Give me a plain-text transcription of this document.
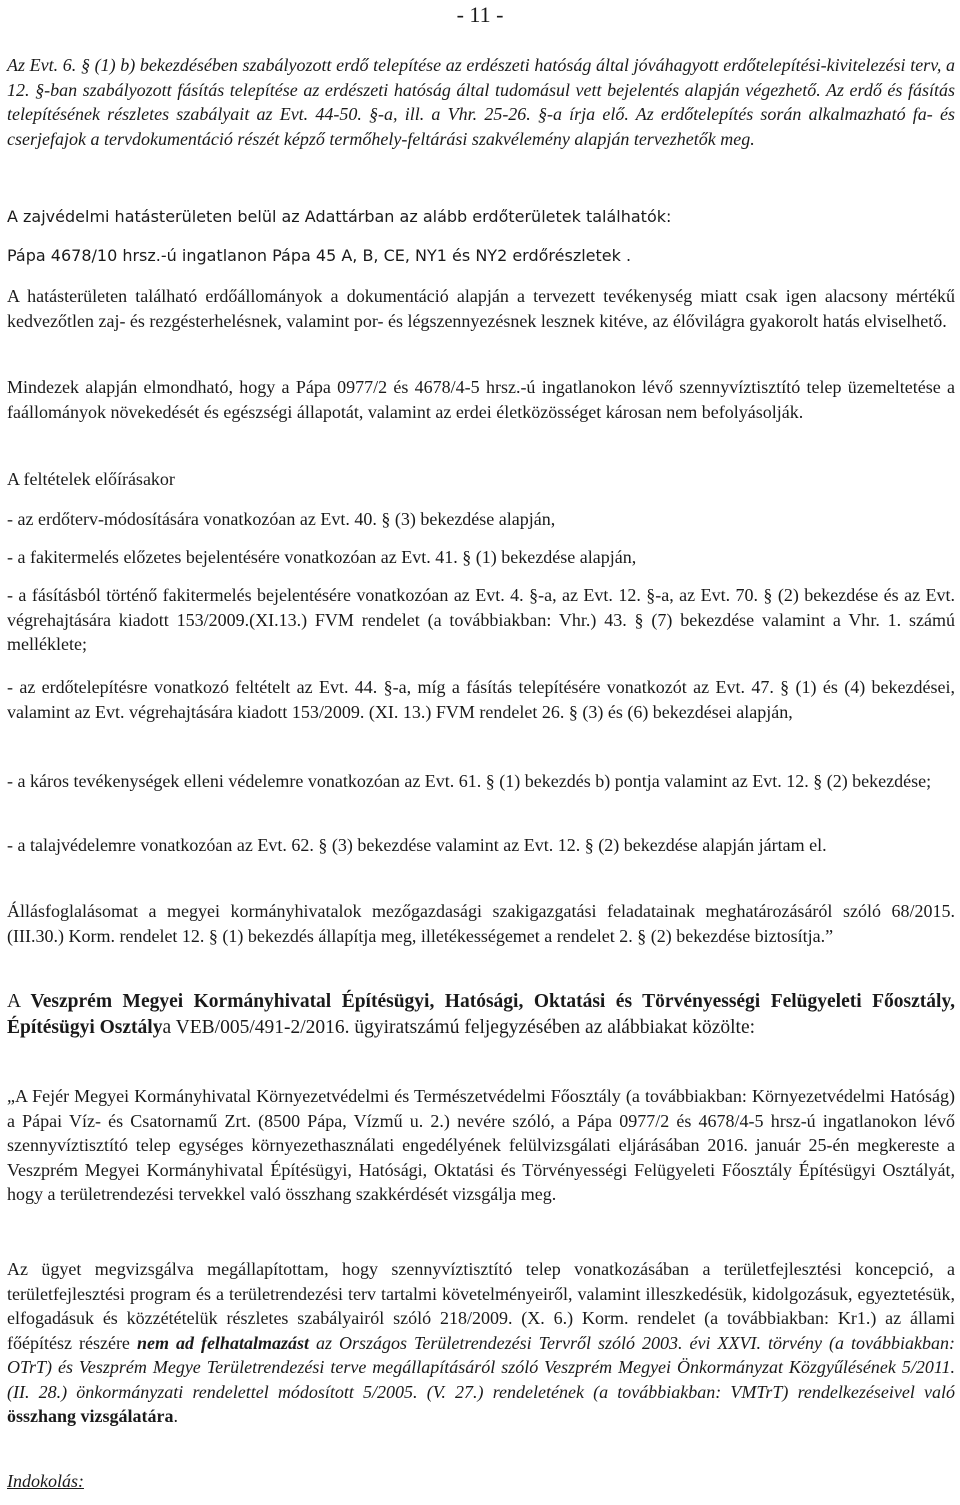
- 11 -

Az Evt. 6. § (1) b) bekezdésében szabályozott erdő telepítése az erdészeti hatóság által jóváhagyott erdőtelepítési-kivitelezési terv, a 12. §-ban szabályozott fásítás telepítése az erdészeti hatóság által tudomásul vett bejelentés alapján végezhető. Az erdő és fásítás telepítésének részletes szabályait az Evt. 44-50. §-a, ill. a Vhr. 25-26. §-a írja elő. Az erdőtelepítés során alkalmazható fa- és cserjefajok a tervdokumentáció részét képző termőhely-feltárási szakvélemény alapján tervezhetők meg.

A zajvédelmi hatásterületen belül az Adattárban az alább erdőterületek találhatók:

Pápa 4678/10 hrsz.-ú ingatlanon Pápa 45 A, B, CE, NY1 és NY2 erdőrészletek .

A hatásterületen található erdőállományok a dokumentáció alapján a tervezett tevékenység miatt csak igen alacsony mértékű kedvezőtlen zaj- és rezgésterhelésnek, valamint por- és légszennyezésnek lesznek kitéve, az élővilágra gyakorolt hatás elviselhető.

Mindezek alapján elmondható, hogy a Pápa 0977/2 és 4678/4-5 hrsz.-ú ingatlanokon lévő szennyvíztisztító telep üzemeltetése a faállományok növekedését és egészségi állapotát, valamint az erdei életközösséget károsan nem befolyásolják.

A feltételek előírásakor

- az erdőterv-módosítására vonatkozóan az Evt. 40. § (3) bekezdése alapján,

- a fakitermelés előzetes bejelentésére vonatkozóan az Evt. 41. § (1) bekezdése alapján,

- a fásításból történő fakitermelés bejelentésére vonatkozóan az Evt. 4. §-a, az Evt. 12. §-a, az Evt. 70. § (2) bekezdése és az Evt. végrehajtására kiadott 153/2009.(XI.13.) FVM rendelet (a továbbiakban: Vhr.) 43. § (7) bekezdése valamint a Vhr. 1. számú melléklete;

- az erdőtelepítésre vonatkozó feltételt az Evt. 44. §-a, míg a fásítás telepítésére vonatkozót az Evt. 47. § (1) és (4) bekezdései, valamint az Evt. végrehajtására kiadott 153/2009. (XI. 13.) FVM rendelet 26. § (3) és (6) bekezdései alapján,

- a káros tevékenységek elleni védelemre vonatkozóan az Evt. 61. § (1) bekezdés b) pontja valamint az Evt. 12. § (2) bekezdése;

- a talajvédelemre vonatkozóan az Evt. 62. § (3) bekezdése valamint az Evt. 12. § (2) bekezdése alapján jártam el.

Állásfoglalásomat a megyei kormányhivatalok mezőgazdasági szakigazgatási feladatainak meghatározásáról szóló 68/2015. (III.30.) Korm. rendelet 12. § (1) bekezdés állapítja meg, illetékességemet a rendelet 2. § (2) bekezdése biztosítja.”

A Veszprém Megyei Kormányhivatal Építésügyi, Hatósági, Oktatási és Törvényességi Felügyeleti Főosztály, Építésügyi Osztálya VEB/005/491-2/2016. ügyiratszámú feljegyzésében az alábbiakat közölte:

„A Fejér Megyei Kormányhivatal Környezetvédelmi és Természetvédelmi Főosztály (a továbbiakban: Környezetvédelmi Hatóság) a Pápai Víz- és Csatornamű Zrt. (8500 Pápa, Vízmű u. 2.) nevére szóló, a Pápa 0977/2 és 4678/4-5 hrsz-ú ingatlanokon lévő szennyvíztisztító telep egységes környezethasználati engedélyének felülvizsgálati eljárásában 2016. január 25-én megkereste a Veszprém Megyei Kormányhivatal Építésügyi, Hatósági, Oktatási és Törvényességi Felügyeleti Főosztály Építésügyi Osztályát, hogy a területrendezési tervekkel való összhang szakkérdését vizsgálja meg.

Az ügyet megvizsgálva megállapítottam, hogy szennyvíztisztító telep vonatkozásában a területfejlesztési koncepció, a területfejlesztési program és a területrendezési terv tartalmi követelményeiről, valamint illeszkedésük, kidolgozásuk, egyeztetésük, elfogadásuk és közzétételük részletes szabályairól szóló 218/2009. (X. 6.) Korm. rendelet (a továbbiakban: Kr1.) az állami főépítész részére nem ad felhatalmazást az Országos Területrendezési Tervről szóló 2003. évi XXVI. törvény (a továbbiakban: OTrT) és Veszprém Megye Területrendezési terve megállapításáról szóló Veszprém Megyei Önkormányzat Közgyűlésének 5/2011. (II. 28.) önkormányzati rendelettel módosított 5/2005. (V. 27.) rendeletének (a továbbiakban: VMTrT) rendelkezéseivel való összhang vizsgálatára.

Indokolás:
